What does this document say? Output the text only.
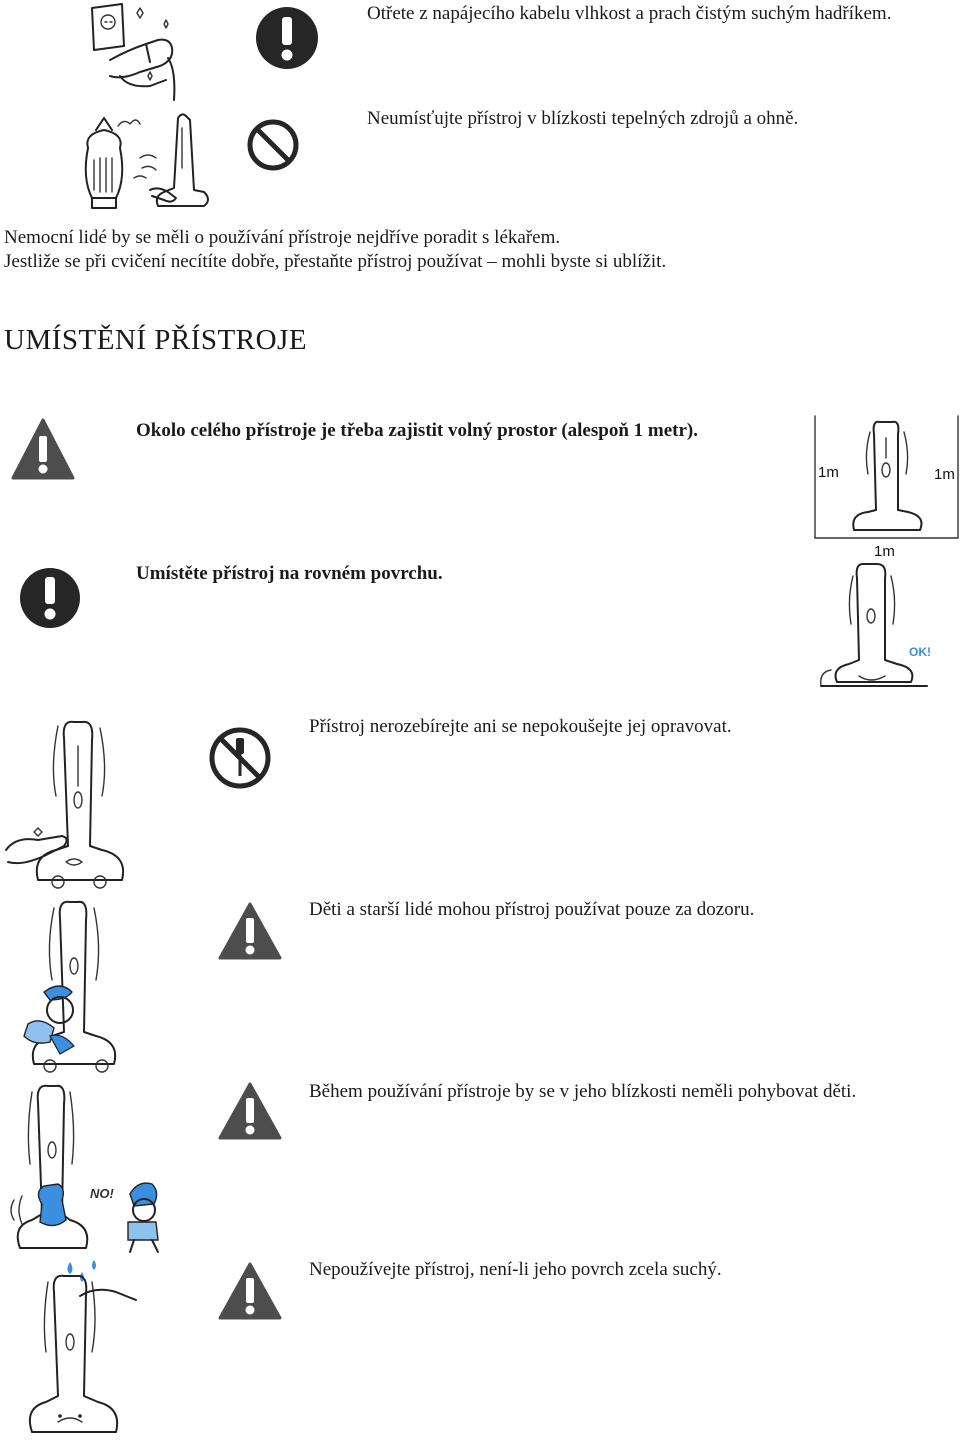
Otřete z napájecího kabelu vlhkost a prach čistým suchým hadříkem.
Neumísťujte přístroj v blízkosti tepelných zdrojů a ohně.
Nemocní lidé by se měli o používání přístroje nejdříve poradit s lékařem.
Jestliže se při cvičení necítíte dobře, přestaňte přístroj používat – mohli byste si ublížit.
UMÍSTĚNÍ PŘÍSTROJE
Okolo celého přístroje je třeba zajistit volný prostor (alespoň 1 metr).
1m	1m
1m
Umístěte přístroj na rovném povrchu.
OK!
Přístroj nerozebírejte ani se nepokoušejte jej opravovat.
Děti a starší lidé mohou přístroj používat pouze za dozoru.
NO!
Během používání přístroje by se v jeho blízkosti neměli pohybovat děti.
Nepoužívejte přístroj, není-li jeho povrch zcela suchý.
